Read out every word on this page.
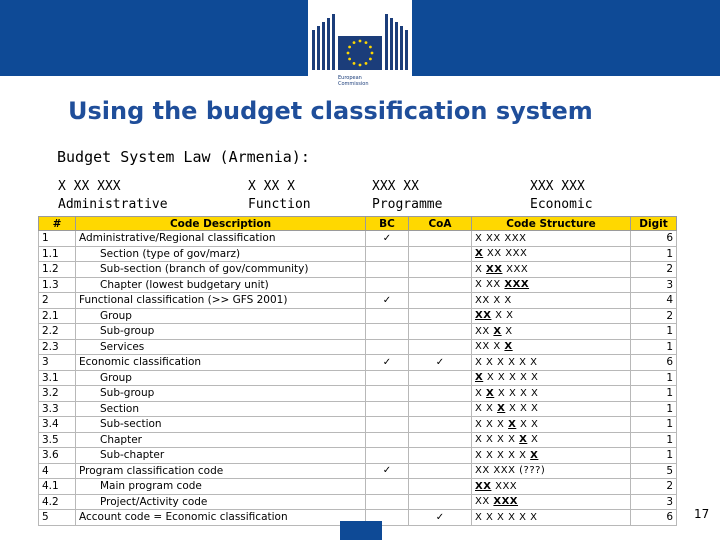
European
Commission
Using the budget classification system
Budget System Law (Armenia):
X XX XXX
Administrative
X XX X
Function
XXX XX
Programme
XXX XXX
Economic
#	Code Description	BC	CoA	Code Structure	Digit
1	Administrative/Regional classification	✓		X XX XXX	6
1.1	Section (type of gov/marz)			X XX XXX	1
1.2	Sub-section (branch of gov/community)			X XX XXX	2
1.3	Chapter (lowest budgetary unit)			X XX XXX	3
2	Functional classification (>> GFS 2001)	✓		XX X X	4
2.1	Group			XX X X	2
2.2	Sub-group			XX X X	1
2.3	Services			XX X X	1
3	Economic classification	✓	✓	X X X X X X	6
3.1	Group			X X X X X X	1
3.2	Sub-group			X X X X X X	1
3.3	Section			X X X X X X	1
3.4	Sub-section			X X X X X X	1
3.5	Chapter			X X X X X X	1
3.6	Sub-chapter			X X X X X X	1
4	Program classification code	✓		XX XXX (???)	5
4.1	Main program code			XX XXX	2
4.2	Project/Activity code			XX XXX	3
5	Account code = Economic classification		✓	X X X X X X	6 17
